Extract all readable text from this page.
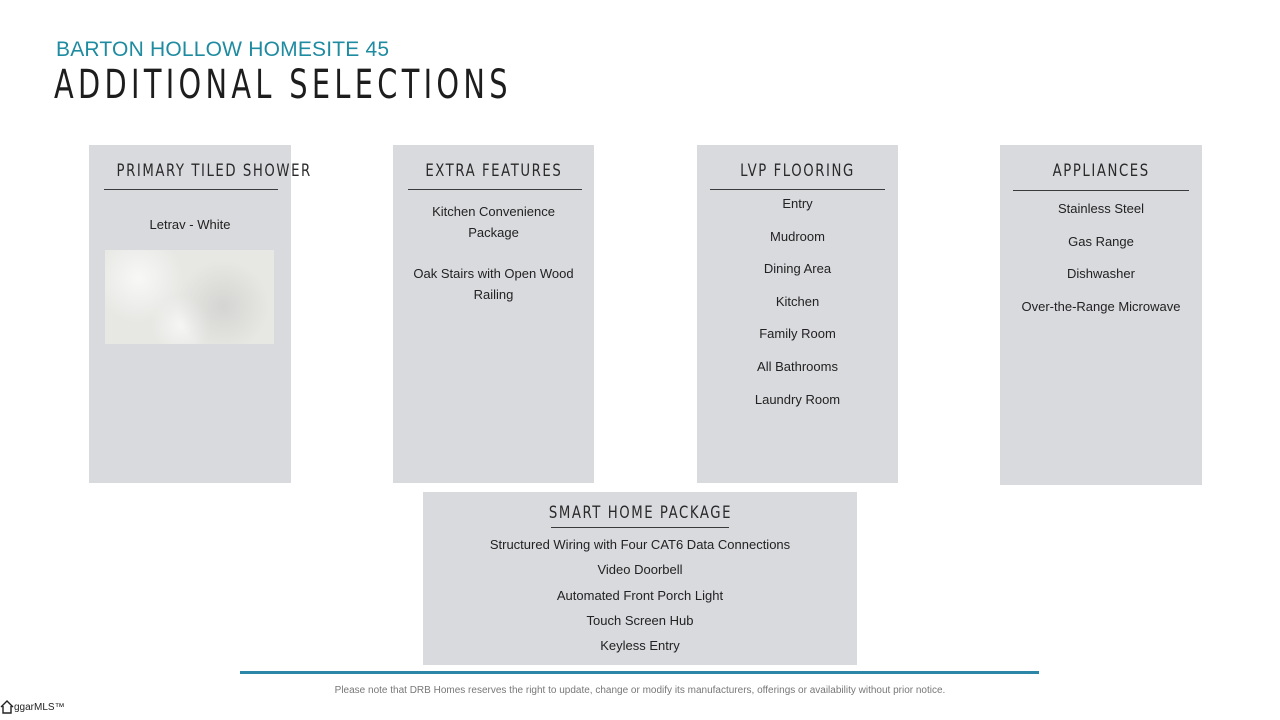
BARTON HOLLOW HOMESITE 45
ADDITIONAL SELECTIONS
PRIMARY TILED SHOWER
Letrav - White
EXTRA FEATURES
Kitchen Convenience Package
Oak Stairs with Open Wood Railing
LVP FLOORING
Entry
Mudroom
Dining Area
Kitchen
Family Room
All Bathrooms
Laundry Room
APPLIANCES
Stainless Steel
Gas Range
Dishwasher
Over-the-Range Microwave
SMART HOME PACKAGE
Structured Wiring with Four CAT6 Data Connections
Video Doorbell
Automated Front Porch Light
Touch Screen Hub
Keyless Entry
Please note that DRB Homes reserves the right to update, change or modify its manufacturers, offerings or availability without prior notice.
ggarMLS™
